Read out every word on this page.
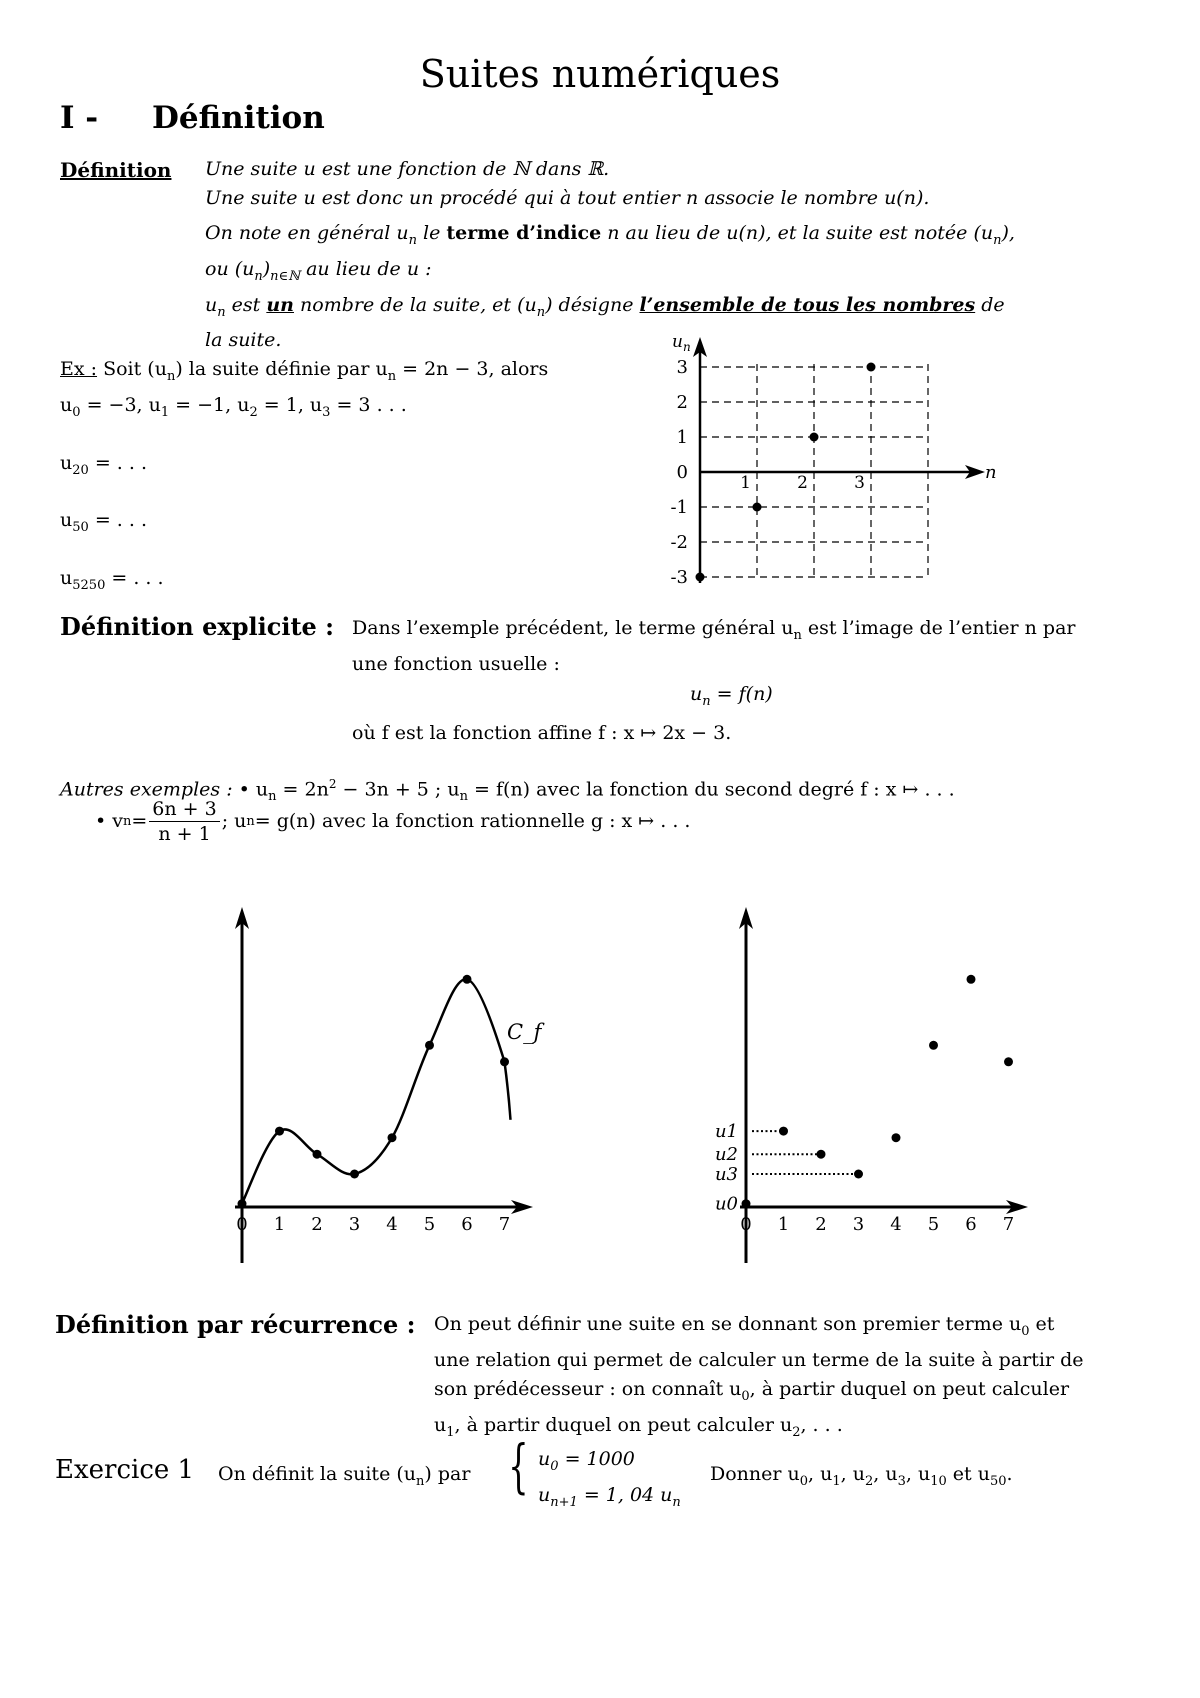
Suites numériques
I - Définition
Définition Une suite u est une fonction de ℕ dans ℝ.
Une suite u est donc un procédé qui à tout entier n associe le nombre u(n).
On note en général $u_n$ le terme d’indice n au lieu de u(n), et la suite est notée $(u_n)$,
ou $(u_n)_{n\in ℕ}$ au lieu de u :
$u_n$ est un nombre de la suite, et $(u_n)$ désigne l’ensemble de tous les nombres de
la suite.
Ex : Soit $(u_n)$ la suite définie par $u_n = 2n - 3$, alors
$u_0 = -3$, $u_1 = -1$, $u_2 = 1$, $u_3 = 3$ . . .
$u_{20}$ = . . .
$u_{50}$ = . . .
$u_{5250}$ = . . .
$u_n$
n
3
2
1
0
-1
-2
-3
1	2	3
Définition explicite : Dans l’exemple précédent, le terme général $u_n$ est l’image de l’entier n par
une fonction usuelle :
$u_n = f(n)$
où f est la fonction affine f : x ↦ 2x − 3.
Autres exemples : • $u_n = 2n^2 - 3n + 5$ ; $u_n = f(n)$ avec la fonction du second degré f : x ↦ . . .
• v $n = \frac{6n + 3}{n + 1}$ ; u n = g(n) avec la fonction rationnelle g : x ↦ . . .
0 1 2 3 4 5 6 7
C_f
0 1 2 3 4 5 6 7
u0
u1
u2
u3
Définition par récurrence : On peut définir une suite en se donnant son premier terme $u_0$ et
une relation qui permet de calculer un terme de la suite à partir de
son prédécesseur : on connaît $u_0$, à partir duquel on peut calculer
$u_1$, à partir duquel on peut calculer $u_2$, . . .
Exercice 1 On définit la suite $(u_n)$ par { $u_0 = 1000$
$u_{n+1} = 1$, 04 $u_n$
Donner $u_0$, $u_1$, $u_2$, $u_3$, $u_{10}$ et $u_{50}$.
